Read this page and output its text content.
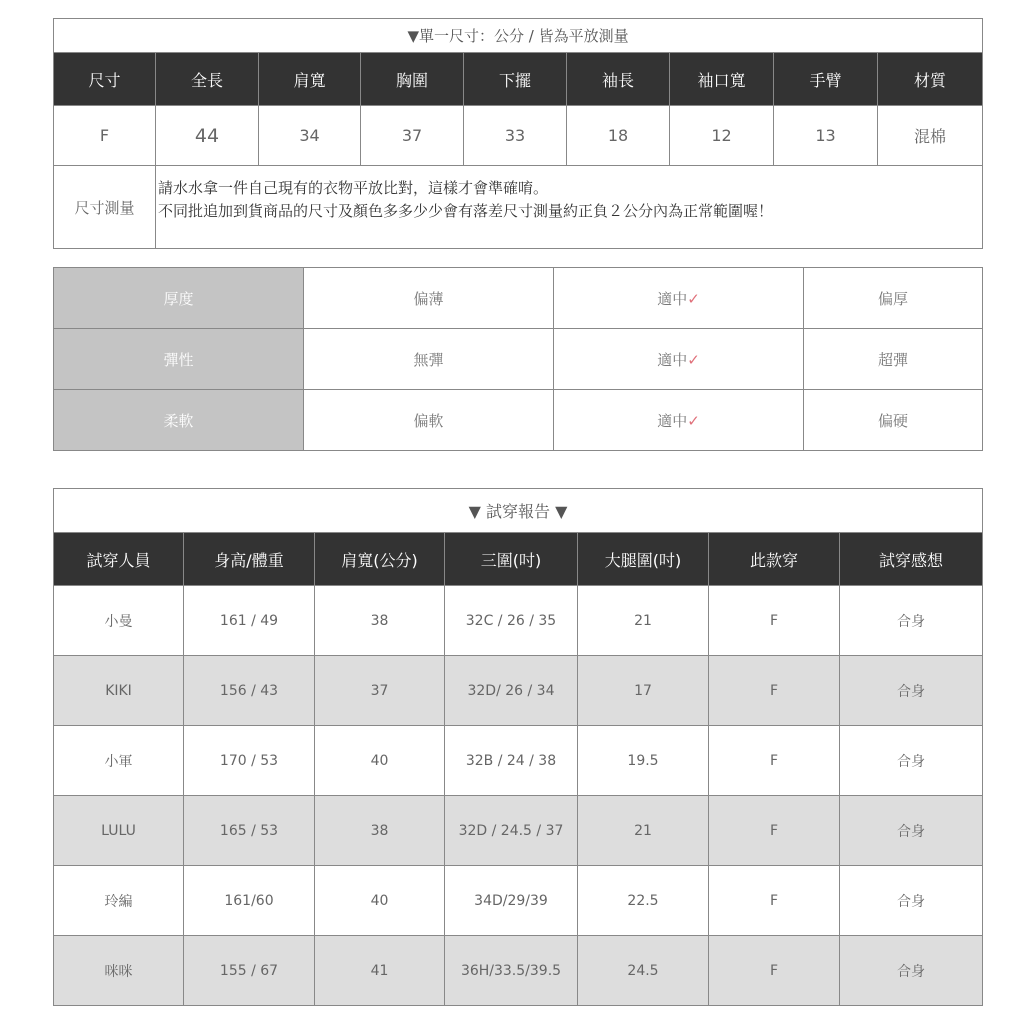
▼單一尺寸：公分 / 皆為平放測量								
尺寸	全長	肩寬	胸圍	下擺	袖長	袖口寬	手臂	材質
F	44	34	37	33	18	12	13	混棉
尺寸測量	請水水拿一件自己現有的衣物平放比對，這樣才會準確唷。
不同批追加到貨商品的尺寸及顏色多多少少會有落差尺寸測量約正負２公分內為正常範圍喔！							
厚度	偏薄	適中✓	偏厚
彈性	無彈	適中✓	超彈
柔軟	偏軟	適中✓	偏硬
▼ 試穿報告 ▼						
試穿人員	身高/體重	肩寬(公分)	三圍(吋)	大腿圍(吋)	此款穿	試穿感想
小曼	161 / 49	38	32C / 26 / 35	21	F	合身
KIKI	156 / 43	37	32D/ 26 / 34	17	F	合身
小軍	170 / 53	40	32B / 24 / 38	19.5	F	合身
LULU	165 / 53	38	32D / 24.5 / 37	21	F	合身
玲編	161/60	40	34D/29/39	22.5	F	合身
咪咪	155 / 67	41	36H/33.5/39.5	24.5	F	合身
